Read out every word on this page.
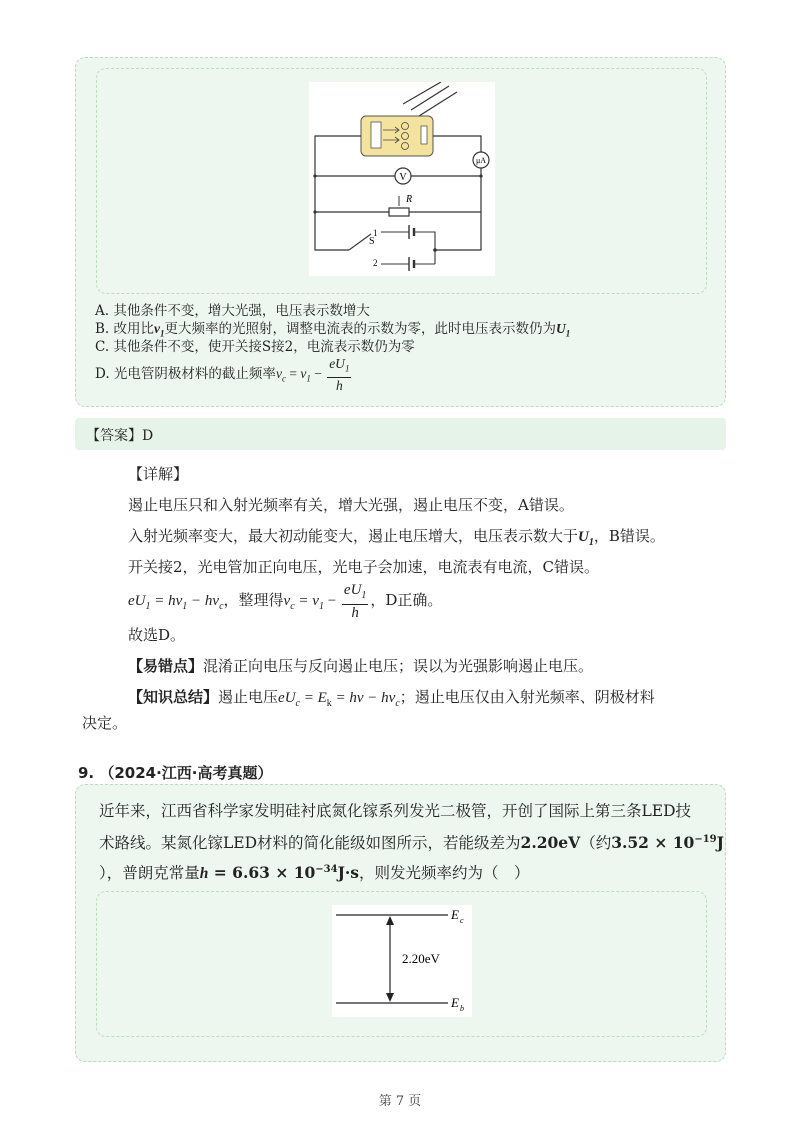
μA
V
R
S
1
2
A. 其他条件不变，增大光强，电压表示数增大
B. 改用比$\nu_1$更大频率的光照射，调整电流表的示数为零，此时电压表示数仍为$U_1$
C. 其他条件不变，使开关接S接2，电流表示数仍为零
D. 光电管阴极材料的截止频率$\nu_c = \nu_1 - \frac{eU_1}{h}$
【答案】D
【详解】
遏止电压只和入射光频率有关，增大光强，遏止电压不变，A错误。
入射光频率变大，最大初动能变大，遏止电压增大，电压表示数大于$U_1$，B错误。
开关接2，光电管加正向电压，光电子会加速，电流表有电流，C错误。
$eU_1 = h\nu_1 - h\nu_c$，整理得$\nu_c = \nu_1 - \frac{eU_1}{h}$ ，D正确。
故选D。
【易错点】混淆正向电压与反向遏止电压；误以为光强影响遏止电压。
【知识总结】遏止电压$eU_c = E_k = h\nu - h\nu_c$；遏止电压仅由入射光频率、阴极材料
决定。
9. （2024·江西·高考真题）
近年来，江西省科学家发明硅衬底氮化镓系列发光二极管，开创了国际上第三条LED技
术路线。某氮化镓LED材料的简化能级如图所示，若能级差为2.20eV（约$3.52 \times 10^{-19}J$
），普朗克常量$h = 6.63 \times 10^{-34}J\cdot s$，则发光频率约为（　）
2.20eV
E c
E b
第 7 页
